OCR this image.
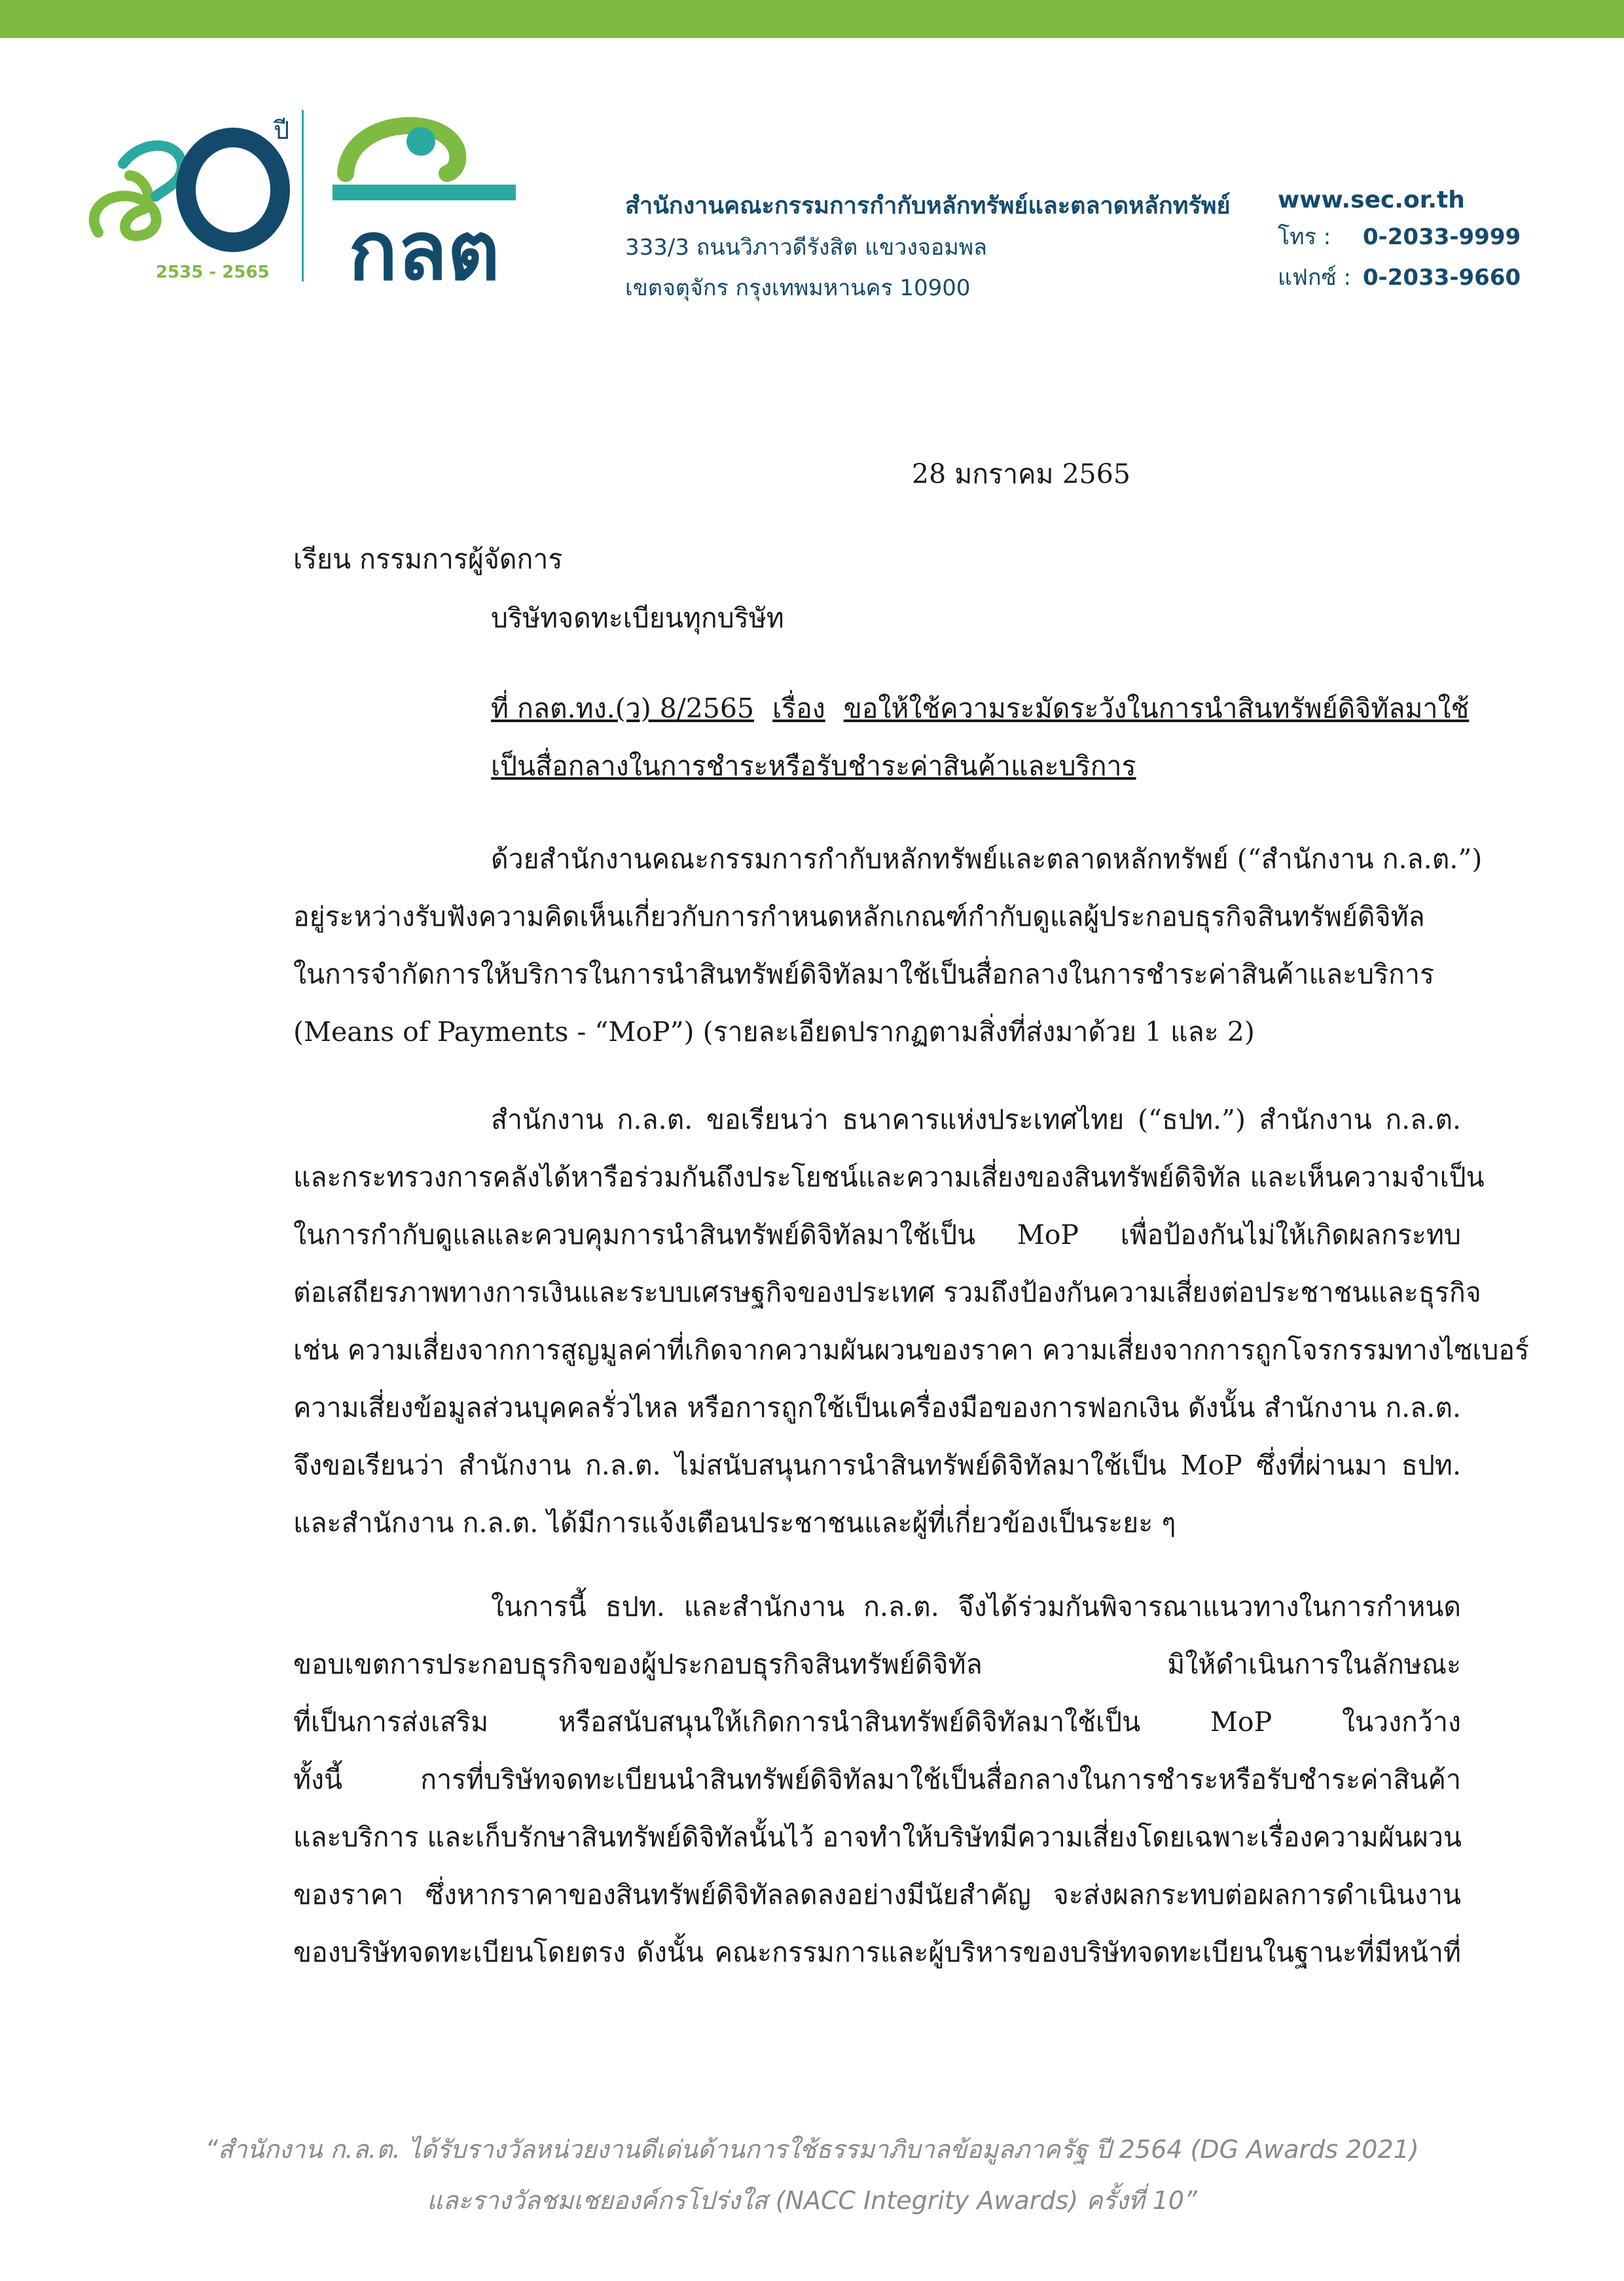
ปี
2535 - 2565 กลต	สำนักงานคณะกรรมการกำกับหลักทรัพย์และตลาดหลักทรัพย์
333/3 ถนนวิภาวดีรังสิต แขวงจอมพล
เขตจตุจักร กรุงเทพมหานคร 10900
www.sec.or.th
โทร : 0-2033-9999
แฟกซ์ : 0-2033-9660
28 มกราคม 2565
เรียน กรรมการผู้จัดการ
บริษัทจดทะเบียนทุกบริษัท
ที่ กลต.ทง.(ว) 8/2565 เรื่อง ขอให้ใช้ความระมัดระวังในการนำสินทรัพย์ดิจิทัลมาใช้
เป็นสื่อกลางในการชำระหรือรับชำระค่าสินค้าและบริการ
ด้วยสำนักงานคณะกรรมการกำกับหลักทรัพย์และตลาดหลักทรัพย์ (“สำนักงาน ก.ล.ต.”)
อยู่ระหว่างรับฟังความคิดเห็นเกี่ยวกับการกำหนดหลักเกณฑ์กำกับดูแลผู้ประกอบธุรกิจสินทรัพย์ดิจิทัล
ในการจำกัดการให้บริการในการนำสินทรัพย์ดิจิทัลมาใช้เป็นสื่อกลางในการชำระค่าสินค้าและบริการ
(Means of Payments - “MoP”) (รายละเอียดปรากฏตามสิ่งที่ส่งมาด้วย 1 และ 2)
สำนักงาน ก.ล.ต. ขอเรียนว่า ธนาคารแห่งประเทศไทย (“ธปท.”) สำนักงาน ก.ล.ต.
และกระทรวงการคลังได้หารือร่วมกันถึงประโยชน์และความเสี่ยงของสินทรัพย์ดิจิทัล และเห็นความจำเป็น
ในการกำกับดูแลและควบคุมการนำสินทรัพย์ดิจิทัลมาใช้เป็น MoP เพื่อป้องกันไม่ให้เกิดผลกระทบ
ต่อเสถียรภาพทางการเงินและระบบเศรษฐกิจของประเทศ รวมถึงป้องกันความเสี่ยงต่อประชาชนและธุรกิจ
เช่น ความเสี่ยงจากการสูญมูลค่าที่เกิดจากความผันผวนของราคา ความเสี่ยงจากการถูกโจรกรรมทางไซเบอร์
ความเสี่ยงข้อมูลส่วนบุคคลรั่วไหล หรือการถูกใช้เป็นเครื่องมือของการฟอกเงิน ดังนั้น สำนักงาน ก.ล.ต.
จึงขอเรียนว่า สำนักงาน ก.ล.ต. ไม่สนับสนุนการนำสินทรัพย์ดิจิทัลมาใช้เป็น MoP ซึ่งที่ผ่านมา ธปท.
และสำนักงาน ก.ล.ต. ได้มีการแจ้งเตือนประชาชนและผู้ที่เกี่ยวข้องเป็นระยะ ๆ
ในการนี้ ธปท. และสำนักงาน ก.ล.ต. จึงได้ร่วมกันพิจารณาแนวทางในการกำหนด
ขอบเขตการประกอบธุรกิจของผู้ประกอบธุรกิจสินทรัพย์ดิจิทัล มิให้ดำเนินการในลักษณะ
ที่เป็นการส่งเสริม หรือสนับสนุนให้เกิดการนำสินทรัพย์ดิจิทัลมาใช้เป็น MoP ในวงกว้าง
ทั้งนี้ การที่บริษัทจดทะเบียนนำสินทรัพย์ดิจิทัลมาใช้เป็นสื่อกลางในการชำระหรือรับชำระค่าสินค้า
และบริการ และเก็บรักษาสินทรัพย์ดิจิทัลนั้นไว้ อาจทำให้บริษัทมีความเสี่ยงโดยเฉพาะเรื่องความผันผวน
ของราคา ซึ่งหากราคาของสินทรัพย์ดิจิทัลลดลงอย่างมีนัยสำคัญ จะส่งผลกระทบต่อผลการดำเนินงาน
ของบริษัทจดทะเบียนโดยตรง ดังนั้น คณะกรรมการและผู้บริหารของบริษัทจดทะเบียนในฐานะที่มีหน้าที่
“สำนักงาน ก.ล.ต. ได้รับรางวัลหน่วยงานดีเด่นด้านการใช้ธรรมาภิบาลข้อมูลภาครัฐ ปี 2564 (DG Awards 2021)
และรางวัลชมเชยองค์กรโปร่งใส (NACC Integrity Awards) ครั้งที่ 10”
